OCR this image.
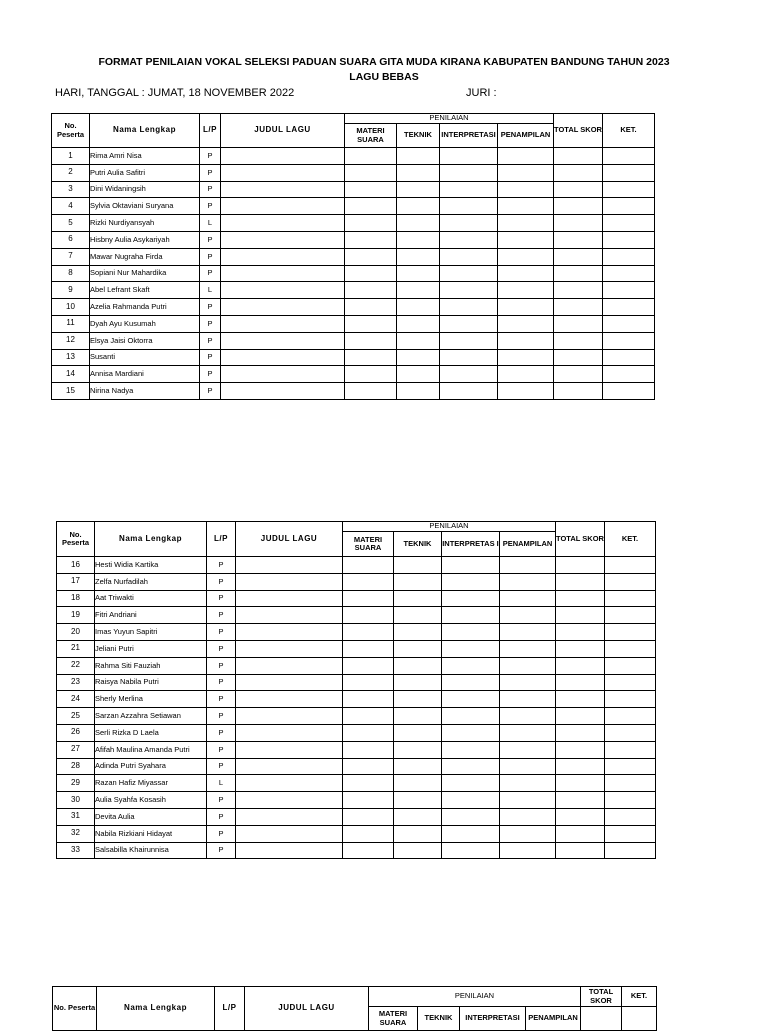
FORMAT PENILAIAN VOKAL SELEKSI PADUAN SUARA GITA MUDA KIRANA KABUPATEN BANDUNG TAHUN 2023
LAGU BEBAS
HARI, TANGGAL : JUMAT, 18 NOVEMBER 2022	JURI :
No. Peserta	Nama Lengkap	L/P	JUDUL LAGU	PENILAIAN				TOTAL SKOR	KET.
				MATERI SUARA	TEKNIK	INTERPRETASI	PENAMPILAN		
1	Rima Amri Nisa	P							
2	Putri Aulia Safitri	P							
3	Dini Widaningsih	P							
4	Sylvia Oktaviani Suryana	P							
5	Rizki Nurdiyansyah	L							
6	Hisbny Aulia Asykariyah	P							
7	Mawar Nugraha Firda	P							
8	Sopiani Nur Mahardika	P							
9	Abel Lefrant Skaft	L							
10	Azelia Rahmanda Putri	P							
11	Dyah Ayu Kusumah	P							
12	Elsya Jaisi Oktorra	P							
13	Susanti	P							
14	Annisa Mardiani	P							
15	Nirina Nadya	P							
No. Peserta	Nama Lengkap	L/P	JUDUL LAGU	PENILAIAN				TOTAL SKOR	KET.
				MATERI SUARA	TEKNIK	INTERPRETAS I	PENAMPILAN		
16	Hesti Widia Kartika	P							
17	Zelfa Nurfadilah	P							
18	Aat Triwakti	P							
19	Fitri Andriani	P							
20	Imas Yuyun Sapitri	P							
21	Jeliani Putri	P							
22	Rahma Siti Fauziah	P							
23	Raisya Nabila Putri	P							
24	Sherly Merlina	P							
25	Sarzan Azzahra Setiawan	P							
26	Serli Rizka D Laela	P							
27	Afifah Maulina Amanda Putri	P							
28	Adinda Putri Syahara	P							
29	Razan Hafiz Miyassar	L							
30	Aulia Syahfa Kosasih	P							
31	Devita Aulia	P							
32	Nabila Rizkiani Hidayat	P							
33	Salsabilla Khairunnisa	P							
No. Peserta	Nama Lengkap	L/P	JUDUL LAGU	PENILAIAN				TOTAL SKOR	KET.
				MATERI SUARA	TEKNIK	INTERPRETASI	PENAMPILAN		
